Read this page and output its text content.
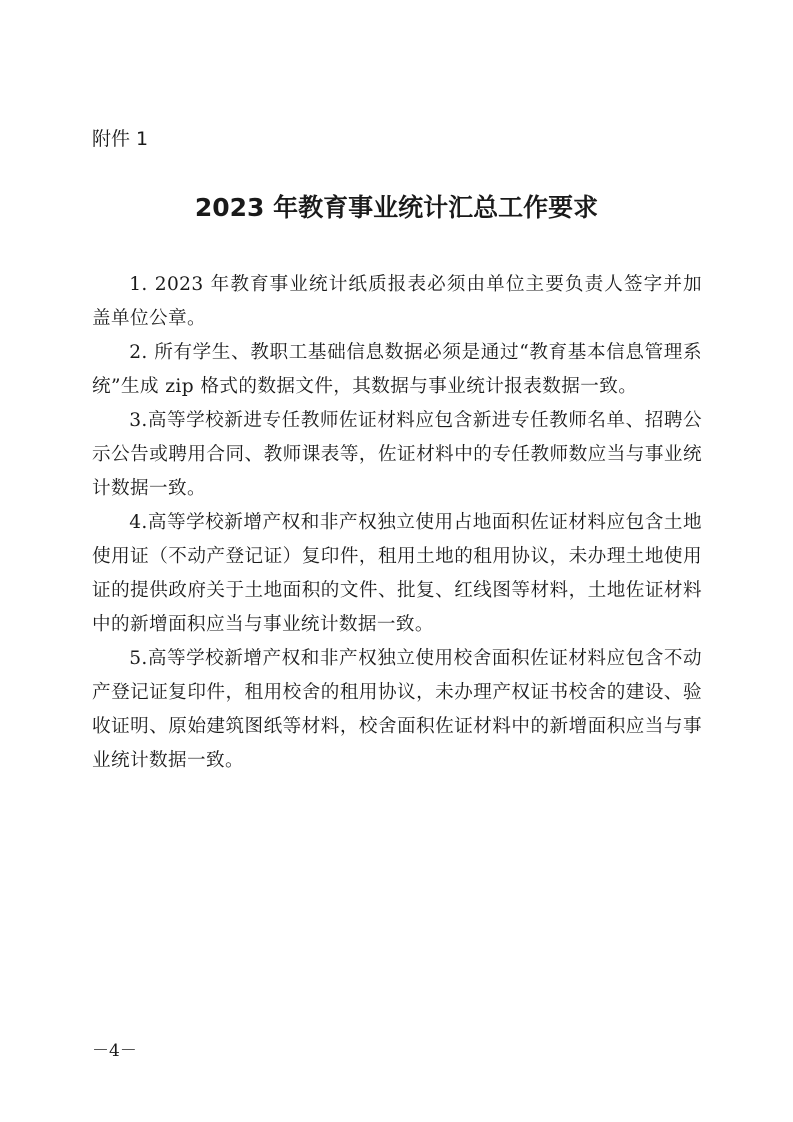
附件 1

2023 年教育事业统计汇总工作要求

1. 2023 年教育事业统计纸质报表必须由单位主要负责人签字并加盖单位公章。

2. 所有学生、教职工基础信息数据必须是通过“教育基本信息管理系统”生成 zip 格式的数据文件，其数据与事业统计报表数据一致。

3.高等学校新进专任教师佐证材料应包含新进专任教师名单、招聘公示公告或聘用合同、教师课表等，佐证材料中的专任教师数应当与事业统计数据一致。

4.高等学校新增产权和非产权独立使用占地面积佐证材料应包含土地使用证（不动产登记证）复印件，租用土地的租用协议，未办理土地使用证的提供政府关于土地面积的文件、批复、红线图等材料，土地佐证材料中的新增面积应当与事业统计数据一致。

5.高等学校新增产权和非产权独立使用校舍面积佐证材料应包含不动产登记证复印件，租用校舍的租用协议，未办理产权证书校舍的建设、验收证明、原始建筑图纸等材料，校舍面积佐证材料中的新增面积应当与事业统计数据一致。

－4－
